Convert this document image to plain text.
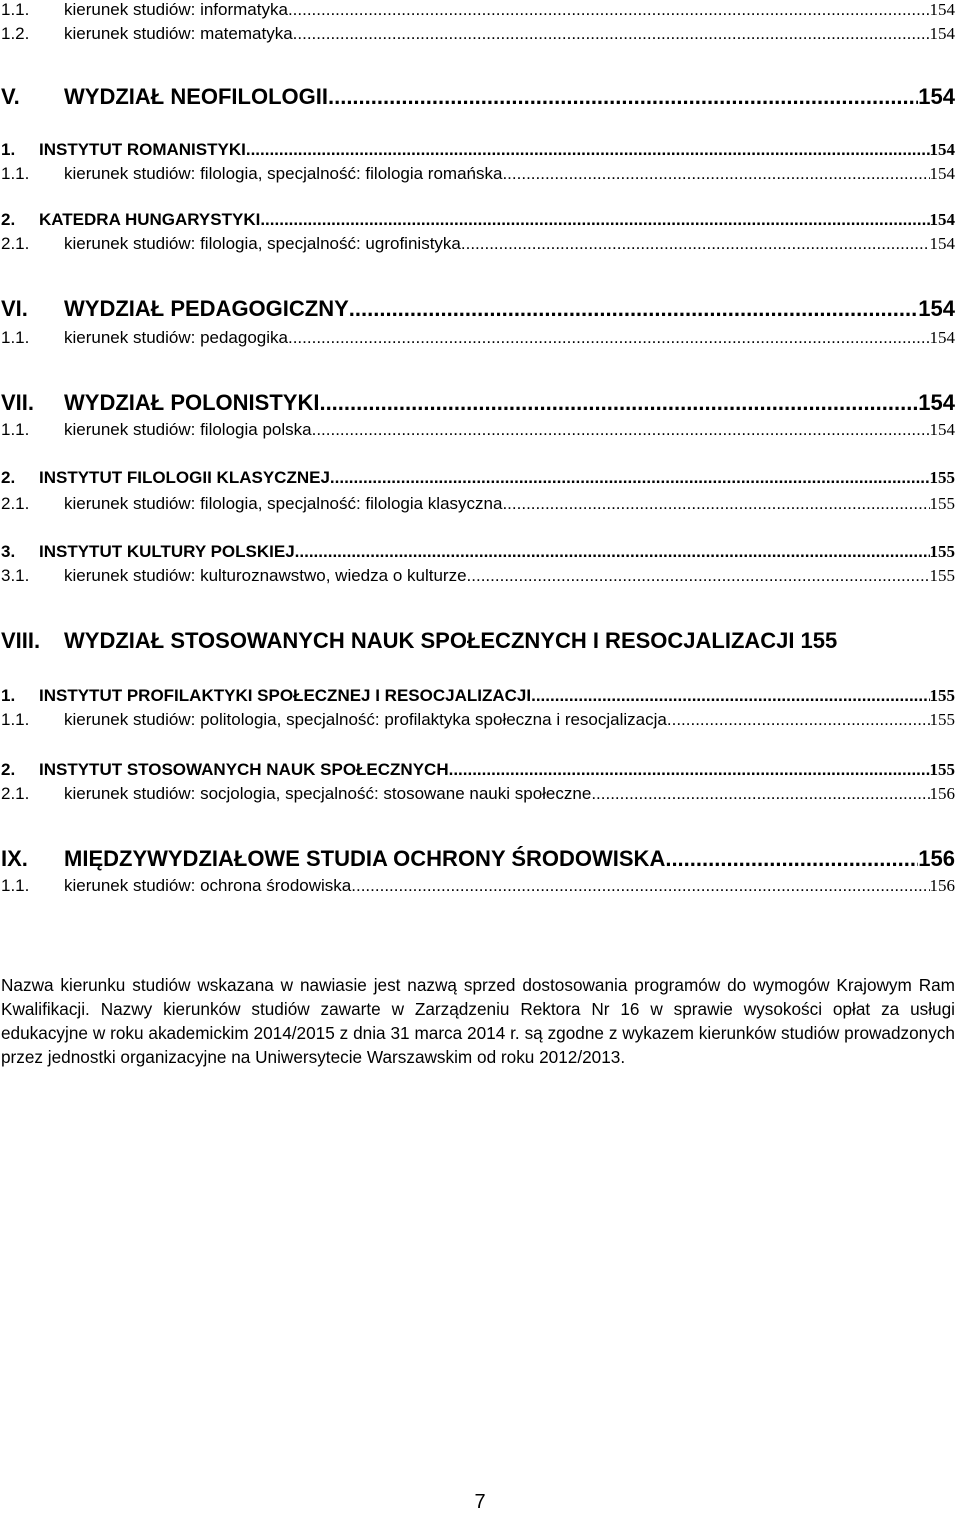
1.1.	kierunek studiów: informatyka .....	154
1.2.	kierunek studiów: matematyka .....	154
V.	WYDZIAŁ NEOFILOLOGII .....	154
1.	INSTYTUT ROMANISTYKI .....	154
1.1.	kierunek studiów: filologia, specjalność: filologia romańska .....	154
2.	KATEDRA HUNGARYSTYKI .....	154
2.1.	kierunek studiów: filologia, specjalność: ugrofinistyka .....	154
VI.	WYDZIAŁ PEDAGOGICZNY .....	154
1.1.	kierunek studiów: pedagogika .....	154
VII.	WYDZIAŁ POLONISTYKI .....	154
1.1.	kierunek studiów: filologia polska .....	154
2.	INSTYTUT FILOLOGII KLASYCZNEJ .....	155
2.1.	kierunek studiów: filologia, specjalność: filologia klasyczna .....	155
3.	INSTYTUT KULTURY POLSKIEJ .....	155
3.1.	kierunek studiów: kulturoznawstwo, wiedza o kulturze .....	155
VIII.	WYDZIAŁ STOSOWANYCH NAUK SPOŁECZNYCH I RESOCJALIZACJI 155
1.	INSTYTUT PROFILAKTYKI SPOŁECZNEJ I RESOCJALIZACJI .....	155
1.1.	kierunek studiów: politologia, specjalność: profilaktyka społeczna i resocjalizacja .....	155
2.	INSTYTUT STOSOWANYCH NAUK SPOŁECZNYCH .....	155
2.1.	kierunek studiów: socjologia, specjalność: stosowane nauki społeczne .....	156
IX.	MIĘDZYWYDZIAŁOWE STUDIA OCHRONY ŚRODOWISKA .....	156
1.1.	kierunek studiów: ochrona środowiska .....	156

Nazwa kierunku studiów wskazana w nawiasie jest nazwą sprzed dostosowania programów do wymogów Krajowym Ram Kwalifikacji. Nazwy kierunków studiów zawarte w Zarządzeniu Rektora Nr 16 w sprawie wysokości opłat za usługi edukacyjne w roku akademickim 2014/2015 z dnia 31 marca 2014 r. są zgodne z wykazem kierunków studiów prowadzonych przez jednostki organizacyjne na Uniwersytecie Warszawskim od roku 2012/2013.

7
